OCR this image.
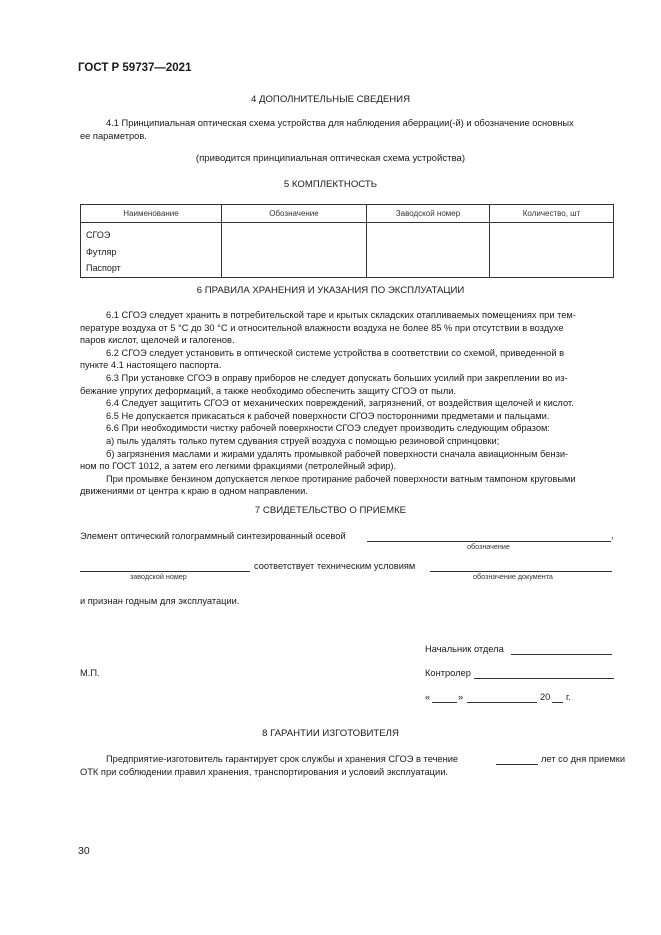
ГОСТ Р 59737—2021
4 ДОПОЛНИТЕЛЬНЫЕ СВЕДЕНИЯ
4.1 Принципиальная оптическая схема устройства для наблюдения аберрации(-й) и обозначение основных
ее параметров.
(приводится принципиальная оптическая схема устройства)
5 КОМПЛЕКТНОСТЬ
Наименование	Обозначение	Заводской номер	Количество, шт

СГОЭ
Футляр
Паспорт			

6 ПРАВИЛА ХРАНЕНИЯ И УКАЗАНИЯ ПО ЭКСПЛУАТАЦИИ
6.1 СГОЭ следует хранить в потребительской таре и крытых складских отапливаемых помещениях при тем-
пературе воздуха от 5 °С до 30 °С и относительной влажности воздуха не более 85 % при отсутствии в воздухе
паров кислот, щелочей и галогенов.
6.2 СГОЭ следует установить в оптической системе устройства в соответствии со схемой, приведенной в
пункте 4.1 настоящего паспорта.
6.3 При установке СГОЭ в оправу приборов не следует допускать больших усилий при закреплении во из-
бежание упругих деформаций, а также необходимо обеспечить защиту СГОЭ от пыли.
6.4 Следует защитить СГОЭ от механических повреждений, загрязнений, от воздействия щелочей и кислот.
6.5 Не допускается прикасаться к рабочей поверхности СГОЭ посторонними предметами и пальцами.
6.6 При необходимости чистку рабочей поверхности СГОЭ следует производить следующим образом:
а) пыль удалять только путем сдувания струей воздуха с помощью резиновой спринцовки;
б) загрязнения маслами и жирами удалять промывкой рабочей поверхности сначала авиационным бензи-
ном по ГОСТ 1012, а затем его легкими фракциями (петролейный эфир).
При промывке бензином допускается легкое протирание рабочей поверхности ватным тампоном круговыми
движениями от центра к краю в одном направлении.
7 СВИДЕТЕЛЬСТВО О ПРИЕМКЕ
Элемент оптический голограммный синтезированный осевой	,
обозначение
соответствует техническим условиям
заводской номер	обозначение документа
и признан годным для эксплуатации.
Начальник отдела
М.П.	Контролер
«	»	20 г.
8 ГАРАНТИИ ИЗГОТОВИТЕЛЯ
Предприятие-изготовитель гарантирует срок службы и хранения СГОЭ в течение	лет со дня приемки
ОТК при соблюдении правил хранения, транспортирования и условий эксплуатации.
30
